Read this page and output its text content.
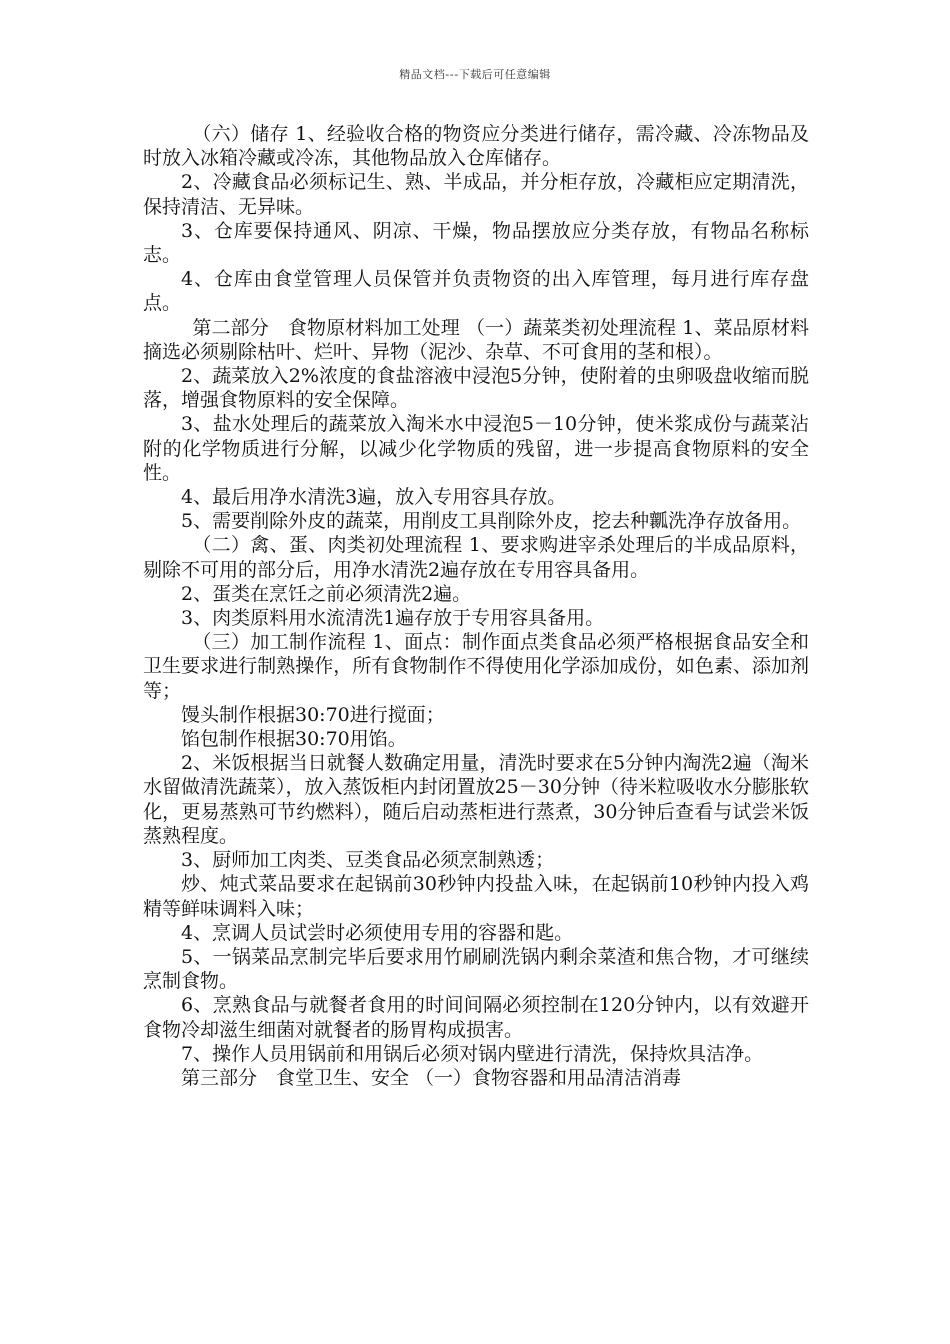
精品文档---下载后可任意编辑

（六）储存 1、经验收合格的物资应分类进行储存，需冷藏、冷冻物品及时放入冰箱冷藏或冷冻，其他物品放入仓库储存。

2、冷藏食品必须标记生、熟、半成品，并分柜存放，冷藏柜应定期清洗，保持清洁、无异味。

3、仓库要保持通风、阴凉、干燥，物品摆放应分类存放，有物品名称标志。

4、仓库由食堂管理人员保管并负责物资的出入库管理，每月进行库存盘点。

第二部分　食物原材料加工处理 （一）蔬菜类初处理流程 1、菜品原材料摘选必须剔除枯叶、烂叶、异物（泥沙、杂草、不可食用的茎和根）。

2、蔬菜放入2%浓度的食盐溶液中浸泡5分钟，使附着的虫卵吸盘收缩而脱落，增强食物原料的安全保障。

3、盐水处理后的蔬菜放入淘米水中浸泡5－10分钟，使米浆成份与蔬菜沾附的化学物质进行分解，以减少化学物质的残留，进一步提高食物原料的安全性。

4、最后用净水清洗3遍，放入专用容具存放。

5、需要削除外皮的蔬菜，用削皮工具削除外皮，挖去种瓤洗净存放备用。

（二）禽、蛋、肉类初处理流程 1、要求购进宰杀处理后的半成品原料，剔除不可用的部分后，用净水清洗2遍存放在专用容具备用。

2、蛋类在烹饪之前必须清洗2遍。

3、肉类原料用水流清洗1遍存放于专用容具备用。

（三）加工制作流程 1、面点：制作面点类食品必须严格根据食品安全和卫生要求进行制熟操作，所有食物制作不得使用化学添加成份，如色素、添加剂等；

馒头制作根据30:70进行搅面；

馅包制作根据30:70用馅。

2、米饭根据当日就餐人数确定用量，清洗时要求在5分钟内淘洗2遍（淘米水留做清洗蔬菜），放入蒸饭柜内封闭置放25－30分钟（待米粒吸收水分膨胀软化，更易蒸熟可节约燃料），随后启动蒸柜进行蒸煮，30分钟后查看与试尝米饭蒸熟程度。

3、厨师加工肉类、豆类食品必须烹制熟透；

炒、炖式菜品要求在起锅前30秒钟内投盐入味，在起锅前10秒钟内投入鸡精等鲜味调料入味；

4、烹调人员试尝时必须使用专用的容器和匙。

5、一锅菜品烹制完毕后要求用竹刷刷洗锅内剩余菜渣和焦合物，才可继续烹制食物。

6、烹熟食品与就餐者食用的时间间隔必须控制在120分钟内，以有效避开食物冷却滋生细菌对就餐者的肠胃构成损害。

7、操作人员用锅前和用锅后必须对锅内壁进行清洗，保持炊具洁净。

第三部分　食堂卫生、安全 （一）食物容器和用品清洁消毒
